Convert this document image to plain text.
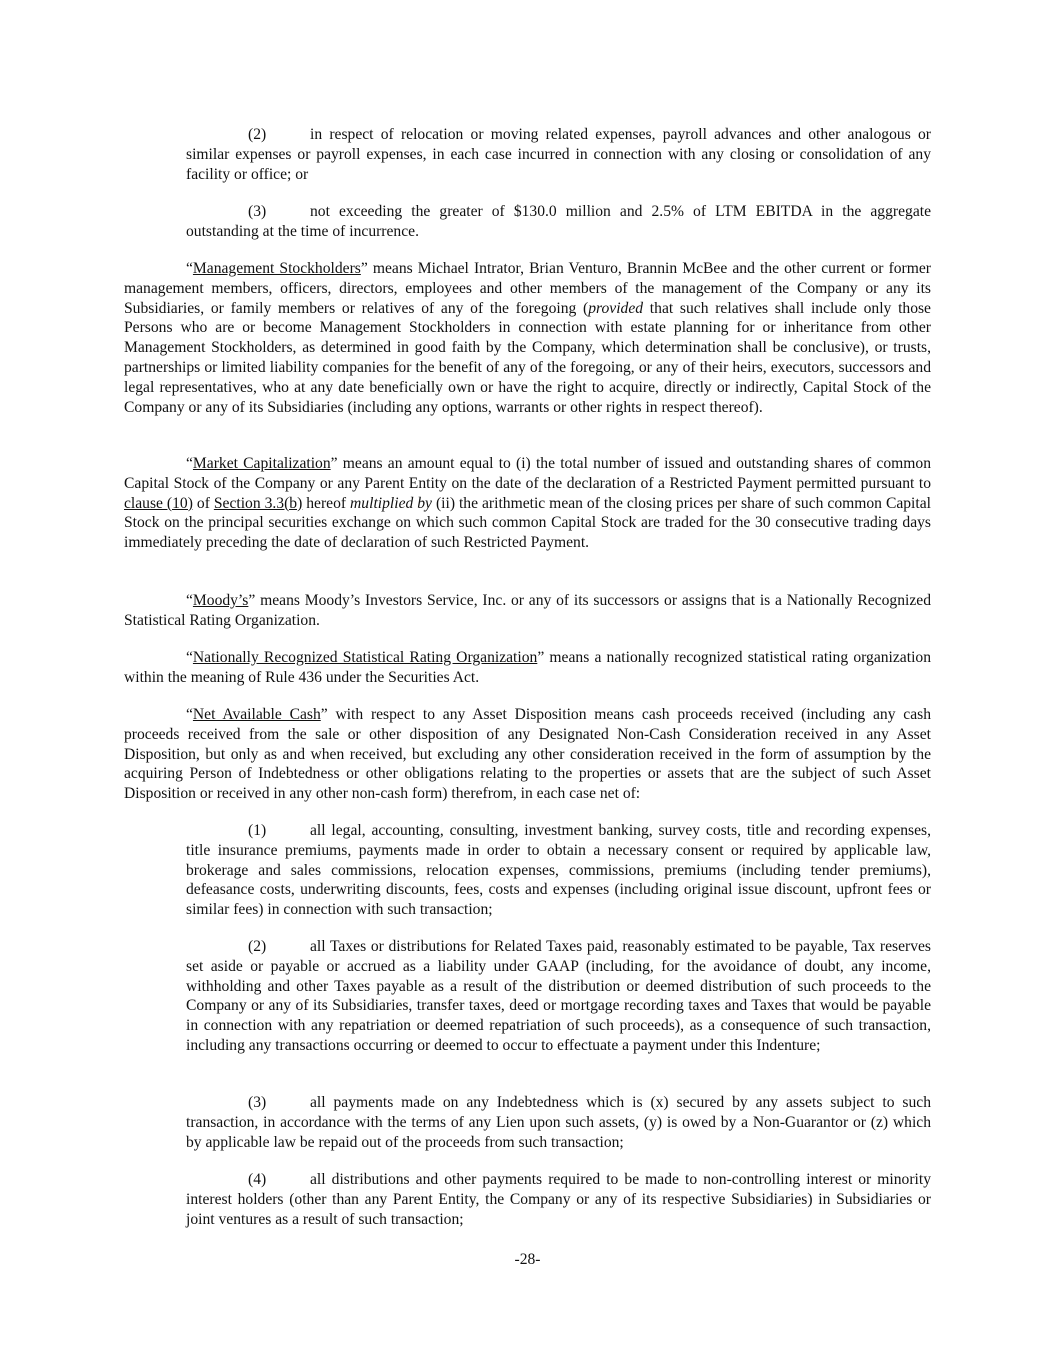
(2)	in respect of relocation or moving related expenses, payroll advances and other analogous or similar expenses or payroll expenses, in each case incurred in connection with any closing or consolidation of any facility or office; or

(3)	not exceeding the greater of $130.0 million and 2.5% of LTM EBITDA in the aggregate outstanding at the time of incurrence.

“Management Stockholders” means Michael Intrator, Brian Venturo, Brannin McBee and the other current or former management members, officers, directors, employees and other members of the management of the Company or any its Subsidiaries, or family members or relatives of any of the foregoing (provided that such relatives shall include only those Persons who are or become Management Stockholders in connection with estate planning for or inheritance from other Management Stockholders, as determined in good faith by the Company, which determination shall be conclusive), or trusts, partnerships or limited liability companies for the benefit of any of the foregoing, or any of their heirs, executors, successors and legal representatives, who at any date beneficially own or have the right to acquire, directly or indirectly, Capital Stock of the Company or any of its Subsidiaries (including any options, warrants or other rights in respect thereof).

“Market Capitalization” means an amount equal to (i) the total number of issued and outstanding shares of common Capital Stock of the Company or any Parent Entity on the date of the declaration of a Restricted Payment permitted pursuant to clause (10) of Section 3.3(b) hereof multiplied by (ii) the arithmetic mean of the closing prices per share of such common Capital Stock on the principal securities exchange on which such common Capital Stock are traded for the 30 consecutive trading days immediately preceding the date of declaration of such Restricted Payment.

“Moody’s” means Moody’s Investors Service, Inc. or any of its successors or assigns that is a Nationally Recognized Statistical Rating Organization.

“Nationally Recognized Statistical Rating Organization” means a nationally recognized statistical rating organization within the meaning of Rule 436 under the Securities Act.

“Net Available Cash” with respect to any Asset Disposition means cash proceeds received (including any cash proceeds received from the sale or other disposition of any Designated Non-Cash Consideration received in any Asset Disposition, but only as and when received, but excluding any other consideration received in the form of assumption by the acquiring Person of Indebtedness or other obligations relating to the properties or assets that are the subject of such Asset Disposition or received in any other non-cash form) therefrom, in each case net of:

(1)	all legal, accounting, consulting, investment banking, survey costs, title and recording expenses, title insurance premiums, payments made in order to obtain a necessary consent or required by applicable law, brokerage and sales commissions, relocation expenses, commissions, premiums (including tender premiums), defeasance costs, underwriting discounts, fees, costs and expenses (including original issue discount, upfront fees or similar fees) in connection with such transaction;

(2)	all Taxes or distributions for Related Taxes paid, reasonably estimated to be payable, Tax reserves set aside or payable or accrued as a liability under GAAP (including, for the avoidance of doubt, any income, withholding and other Taxes payable as a result of the distribution or deemed distribution of such proceeds to the Company or any of its Subsidiaries, transfer taxes, deed or mortgage recording taxes and Taxes that would be payable in connection with any repatriation or deemed repatriation of such proceeds), as a consequence of such transaction, including any transactions occurring or deemed to occur to effectuate a payment under this Indenture;

(3)	all payments made on any Indebtedness which is (x) secured by any assets subject to such transaction, in accordance with the terms of any Lien upon such assets, (y) is owed by a Non-Guarantor or (z) which by applicable law be repaid out of the proceeds from such transaction;

(4)	all distributions and other payments required to be made to non-controlling interest or minority interest holders (other than any Parent Entity, the Company or any of its respective Subsidiaries) in Subsidiaries or joint ventures as a result of such transaction;

-28-
